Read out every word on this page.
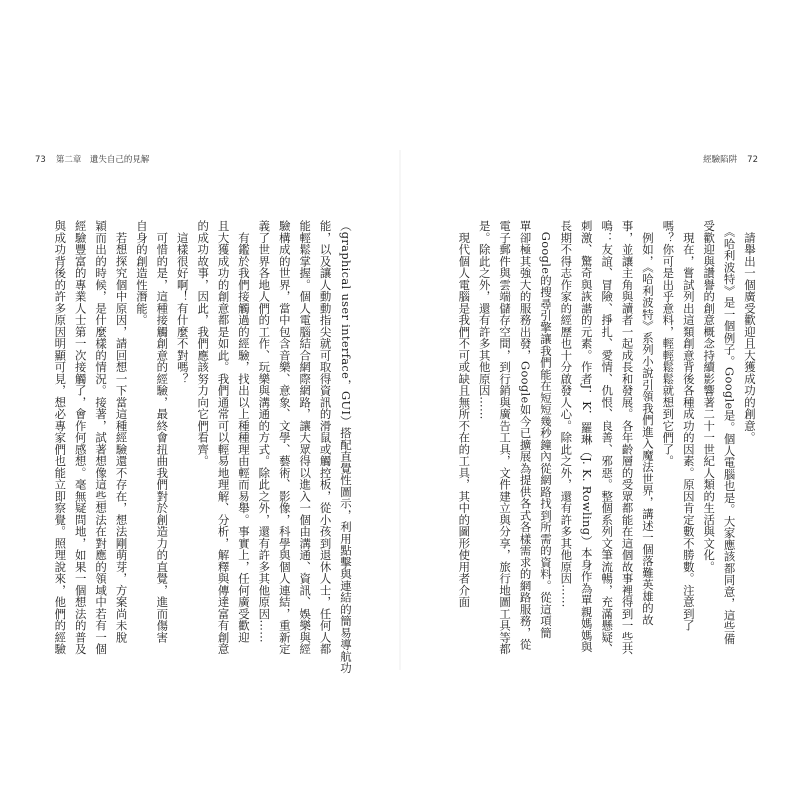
73 第二章　遺失自己的見解
（graphical user interface，GUI）搭配直覺性圖示，利用點擊與連結的簡易導航功
能，以及讓人動動指尖就可取得資訊的滑鼠或觸控板，從小孩到退休人士，任何人都
能輕鬆掌握。個人電腦結合網際網路，讓大眾得以進入一個由溝通、資訊、娛樂與經
驗構成的世界，當中包含音樂、意象、文學、藝術、影像，科學與個人連結，重新定
義了世界各地人們的工作、玩樂與溝通的方式。除此之外，還有許多其他原因……
　有鑑於我們接觸過的經驗，找出以上種種理由輕而易舉。事實上，任何廣受歡迎
且大獲成功的創意都是如此。我們通常可以輕易地理解、分析，解釋與傳達富有創意
的成功故事，因此，我們應該努力向它們看齊。
　這樣很好啊！有什麼不對嗎？
　可惜的是，這種接觸創意的經驗，最終會扭曲我們對於創造力的直覺，進而傷害
自身的創造性潛能。
　若想探究個中原因，請回想一下當這種經驗還不存在，想法剛萌芽，方案尚未脫
穎而出的時候，是什麼樣的情況。接著，試著想像這些想法在對應的領域中若有一個
經驗豐富的專業人士第一次接觸了，會作何感想。毫無疑問地，如果一個想法的普及
與成功背後的許多原因明顯可見，想必專家們也能立即察覺。照理說來，他們的經驗
經驗陷阱 72
　請舉出一個廣受歡迎且大獲成功的創意。
　《哈利波特》是一個例子。Google是。個人電腦也是。大家應該都同意，這些備
受歡迎與讚譽的創意概念持續影響著二十一世紀人類的生活與文化。
　現在，嘗試列出這類創意背後各種成功的因素。原因肯定數不勝數。注意到了
嗎？你可是出乎意料，輕輕鬆鬆就想到它們了。
　例如，《哈利波特》系列小說引領我們進入魔法世界，講述一個落難英雄的故
事，並讓主角與讀者一起成長和發展。各年齡層的受眾都能在這個故事裡得到一些共
鳴：友誼、冒險、掙扎、愛情、仇恨、良善、邪惡。整個系列文筆流暢，充滿懸疑、
刺激、驚奇與詼諧的元素。作者J．K．羅琳（J. K. Rowling）本身作為單親媽媽與
長期不得志作家的經歷也十分啟發人心。除此之外，還有許多其他原因……
　Google的搜尋引擎讓我們能在短短幾秒鐘內從網路找到所需的資料。從這項簡
單卻極其強大的服務出發，Google如今已擴展為提供各式各樣需求的網路服務，從
電子郵件與雲端儲存空間，到行銷與廣告工具，文件建立與分享，旅行地圖工具等都
是。除此之外，還有許多其他原因……
　現代個人電腦是我們不可或缺且無所不在的工具，其中的圖形使用者介面
